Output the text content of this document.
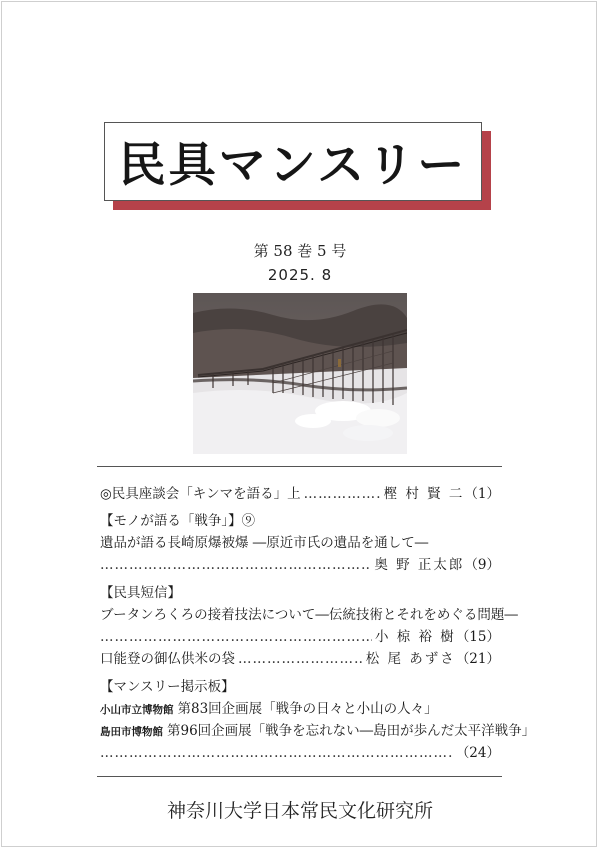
民具マンスリー
第 58 巻 5 号
2025. 8
◎民具座談会「キンマを語る」上 ……………………………………………………………………………………………………………………	樫 村 賢 二 （1）
【モノが語る「戦争」】⑨
遺品が語る長崎原爆被爆 ―原近市氏の遺品を通して―
……………………………………………………………………………………………………………………
奥 野 正太郎 （9）
【民具短信】
ブータンろくろの接着技法について―伝統技術とそれをめぐる問題―
……………………………………………………………………………………………………………………
小 椋 裕 樹 （15）
口能登の御仏供米の袋 ……………………………………………………………………………………………………………………	松 尾 あずさ （21）
【マンスリー掲示板】
小山市立博物館 第83回企画展「戦争の日々と小山の人々」
島田市博物館 第96回企画展「戦争を忘れない―島田が歩んだ太平洋戦争」
……………………………………………………………………………………………………………………
（24）
神奈川大学日本常民文化研究所
